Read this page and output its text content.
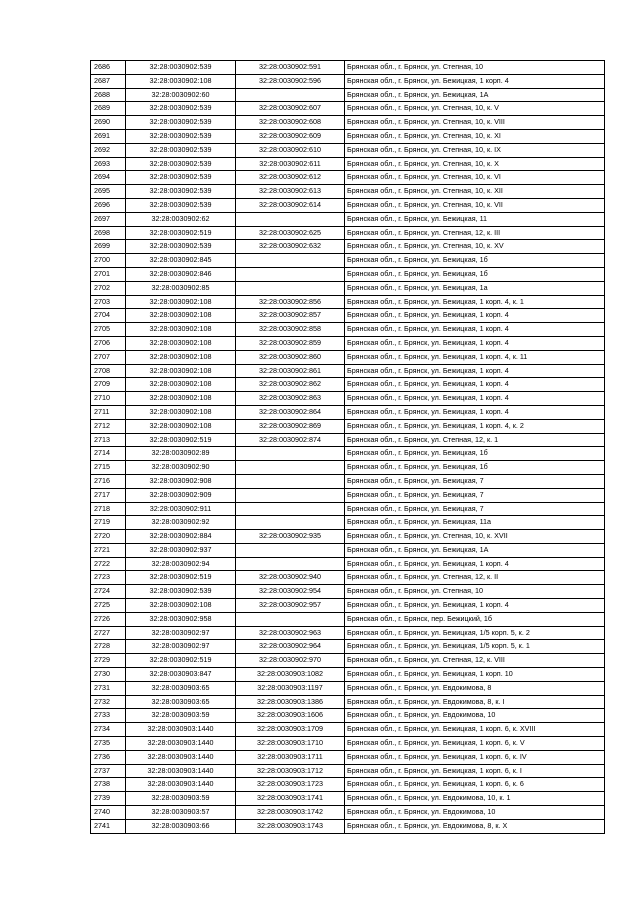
2686	32:28:0030902:539	32:28:0030902:591	Брянская обл., г. Брянск, ул. Степная, 10
2687	32:28:0030902:108	32:28:0030902:596	Брянская обл., г. Брянск, ул. Бежицкая, 1 корп. 4
2688	32:28:0030902:60		Брянская обл., г. Брянск, ул. Бежицкая, 1А
2689	32:28:0030902:539	32:28:0030902:607	Брянская обл., г. Брянск, ул. Степная, 10, к. V
2690	32:28:0030902:539	32:28:0030902:608	Брянская обл., г. Брянск, ул. Степная, 10, к. VIII
2691	32:28:0030902:539	32:28:0030902:609	Брянская обл., г. Брянск, ул. Степная, 10, к. XI
2692	32:28:0030902:539	32:28:0030902:610	Брянская обл., г. Брянск, ул. Степная, 10, к. IX
2693	32:28:0030902:539	32:28:0030902:611	Брянская обл., г. Брянск, ул. Степная, 10, к. X
2694	32:28:0030902:539	32:28:0030902:612	Брянская обл., г. Брянск, ул. Степная, 10, к. VI
2695	32:28:0030902:539	32:28:0030902:613	Брянская обл., г. Брянск, ул. Степная, 10, к. XII
2696	32:28:0030902:539	32:28:0030902:614	Брянская обл., г. Брянск, ул. Степная, 10, к. VII
2697	32:28:0030902:62		Брянская обл., г. Брянск, ул. Бежицкая, 11
2698	32:28:0030902:519	32:28:0030902:625	Брянская обл., г. Брянск, ул. Степная, 12, к. III
2699	32:28:0030902:539	32:28:0030902:632	Брянская обл., г. Брянск, ул. Степная, 10, к. XV
2700	32:28:0030902:845		Брянская обл., г. Брянск, ул. Бежицкая, 1б
2701	32:28:0030902:846		Брянская обл., г. Брянск, ул. Бежицкая, 1б
2702	32:28:0030902:85		Брянская обл., г. Брянск, ул. Бежицкая, 1а
2703	32:28:0030902:108	32:28:0030902:856	Брянская обл., г. Брянск, ул. Бежицкая, 1 корп. 4, к. 1
2704	32:28:0030902:108	32:28:0030902:857	Брянская обл., г. Брянск, ул. Бежицкая, 1 корп. 4
2705	32:28:0030902:108	32:28:0030902:858	Брянская обл., г. Брянск, ул. Бежицкая, 1 корп. 4
2706	32:28:0030902:108	32:28:0030902:859	Брянская обл., г. Брянск, ул. Бежицкая, 1 корп. 4
2707	32:28:0030902:108	32:28:0030902:860	Брянская обл., г. Брянск, ул. Бежицкая, 1 корп. 4, к. 11
2708	32:28:0030902:108	32:28:0030902:861	Брянская обл., г. Брянск, ул. Бежицкая, 1 корп. 4
2709	32:28:0030902:108	32:28:0030902:862	Брянская обл., г. Брянск, ул. Бежицкая, 1 корп. 4
2710	32:28:0030902:108	32:28:0030902:863	Брянская обл., г. Брянск, ул. Бежицкая, 1 корп. 4
2711	32:28:0030902:108	32:28:0030902:864	Брянская обл., г. Брянск, ул. Бежицкая, 1 корп. 4
2712	32:28:0030902:108	32:28:0030902:869	Брянская обл., г. Брянск, ул. Бежицкая, 1 корп. 4, к. 2
2713	32:28:0030902:519	32:28:0030902:874	Брянская обл., г. Брянск, ул. Степная, 12, к. 1
2714	32:28:0030902:89		Брянская обл., г. Брянск, ул. Бежицкая, 1б
2715	32:28:0030902:90		Брянская обл., г. Брянск, ул. Бежицкая, 1б
2716	32:28:0030902:908		Брянская обл., г. Брянск, ул. Бежицкая, 7
2717	32:28:0030902:909		Брянская обл., г. Брянск, ул. Бежицкая, 7
2718	32:28:0030902:911		Брянская обл., г. Брянск, ул. Бежицкая, 7
2719	32:28:0030902:92		Брянская обл., г. Брянск, ул. Бежицкая, 11а
2720	32:28:0030902:884	32:28:0030902:935	Брянская обл., г. Брянск, ул. Степная, 10, к. XVII
2721	32:28:0030902:937		Брянская обл., г. Брянск, ул. Бежицкая, 1А
2722	32:28:0030902:94		Брянская обл., г. Брянск, ул. Бежицкая, 1 корп. 4
2723	32:28:0030902:519	32:28:0030902:940	Брянская обл., г. Брянск, ул. Степная, 12, к. II
2724	32:28:0030902:539	32:28:0030902:954	Брянская обл., г. Брянск, ул. Степная, 10
2725	32:28:0030902:108	32:28:0030902:957	Брянская обл., г. Брянск, ул. Бежицкая, 1 корп. 4
2726	32:28:0030902:958		Брянская обл., г. Брянск, пер. Бежицкий, 1б
2727	32:28:0030902:97	32:28:0030902:963	Брянская обл., г. Брянск, ул. Бежицкая, 1/5 корп. 5, к. 2
2728	32:28:0030902:97	32:28:0030902:964	Брянская обл., г. Брянск, ул. Бежицкая, 1/5 корп. 5, к. 1
2729	32:28:0030902:519	32:28:0030902:970	Брянская обл., г. Брянск, ул. Степная, 12, к. VIII
2730	32:28:0030903:847	32:28:0030903:1082	Брянская обл., г. Брянск, ул. Бежицкая, 1 корп. 10
2731	32:28:0030903:65	32:28:0030903:1197	Брянская обл., г. Брянск, ул. Евдокимова, 8
2732	32:28:0030903:65	32:28:0030903:1386	Брянская обл., г. Брянск, ул. Евдокимова, 8, к. I
2733	32:28:0030903:59	32:28:0030903:1606	Брянская обл., г. Брянск, ул. Евдокимова, 10
2734	32:28:0030903:1440	32:28:0030903:1709	Брянская обл., г. Брянск, ул. Бежицкая, 1 корп. 6, к. XVIII
2735	32:28:0030903:1440	32:28:0030903:1710	Брянская обл., г. Брянск, ул. Бежицкая, 1 корп. 6, к. V
2736	32:28:0030903:1440	32:28:0030903:1711	Брянская обл., г. Брянск, ул. Бежицкая, 1 корп. 6, к. IV
2737	32:28:0030903:1440	32:28:0030903:1712	Брянская обл., г. Брянск, ул. Бежицкая, 1 корп. 6, к. I
2738	32:28:0030903:1440	32:28:0030903:1723	Брянская обл., г. Брянск, ул. Бежицкая, 1 корп. 6, к. 6
2739	32:28:0030903:59	32:28:0030903:1741	Брянская обл., г. Брянск, ул. Евдокимова, 10, к. 1
2740	32:28:0030903:57	32:28:0030903:1742	Брянская обл., г. Брянск, ул. Евдокимова, 10
2741	32:28:0030903:66	32:28:0030903:1743	Брянская обл., г. Брянск, ул. Евдокимова, 8, к. X
